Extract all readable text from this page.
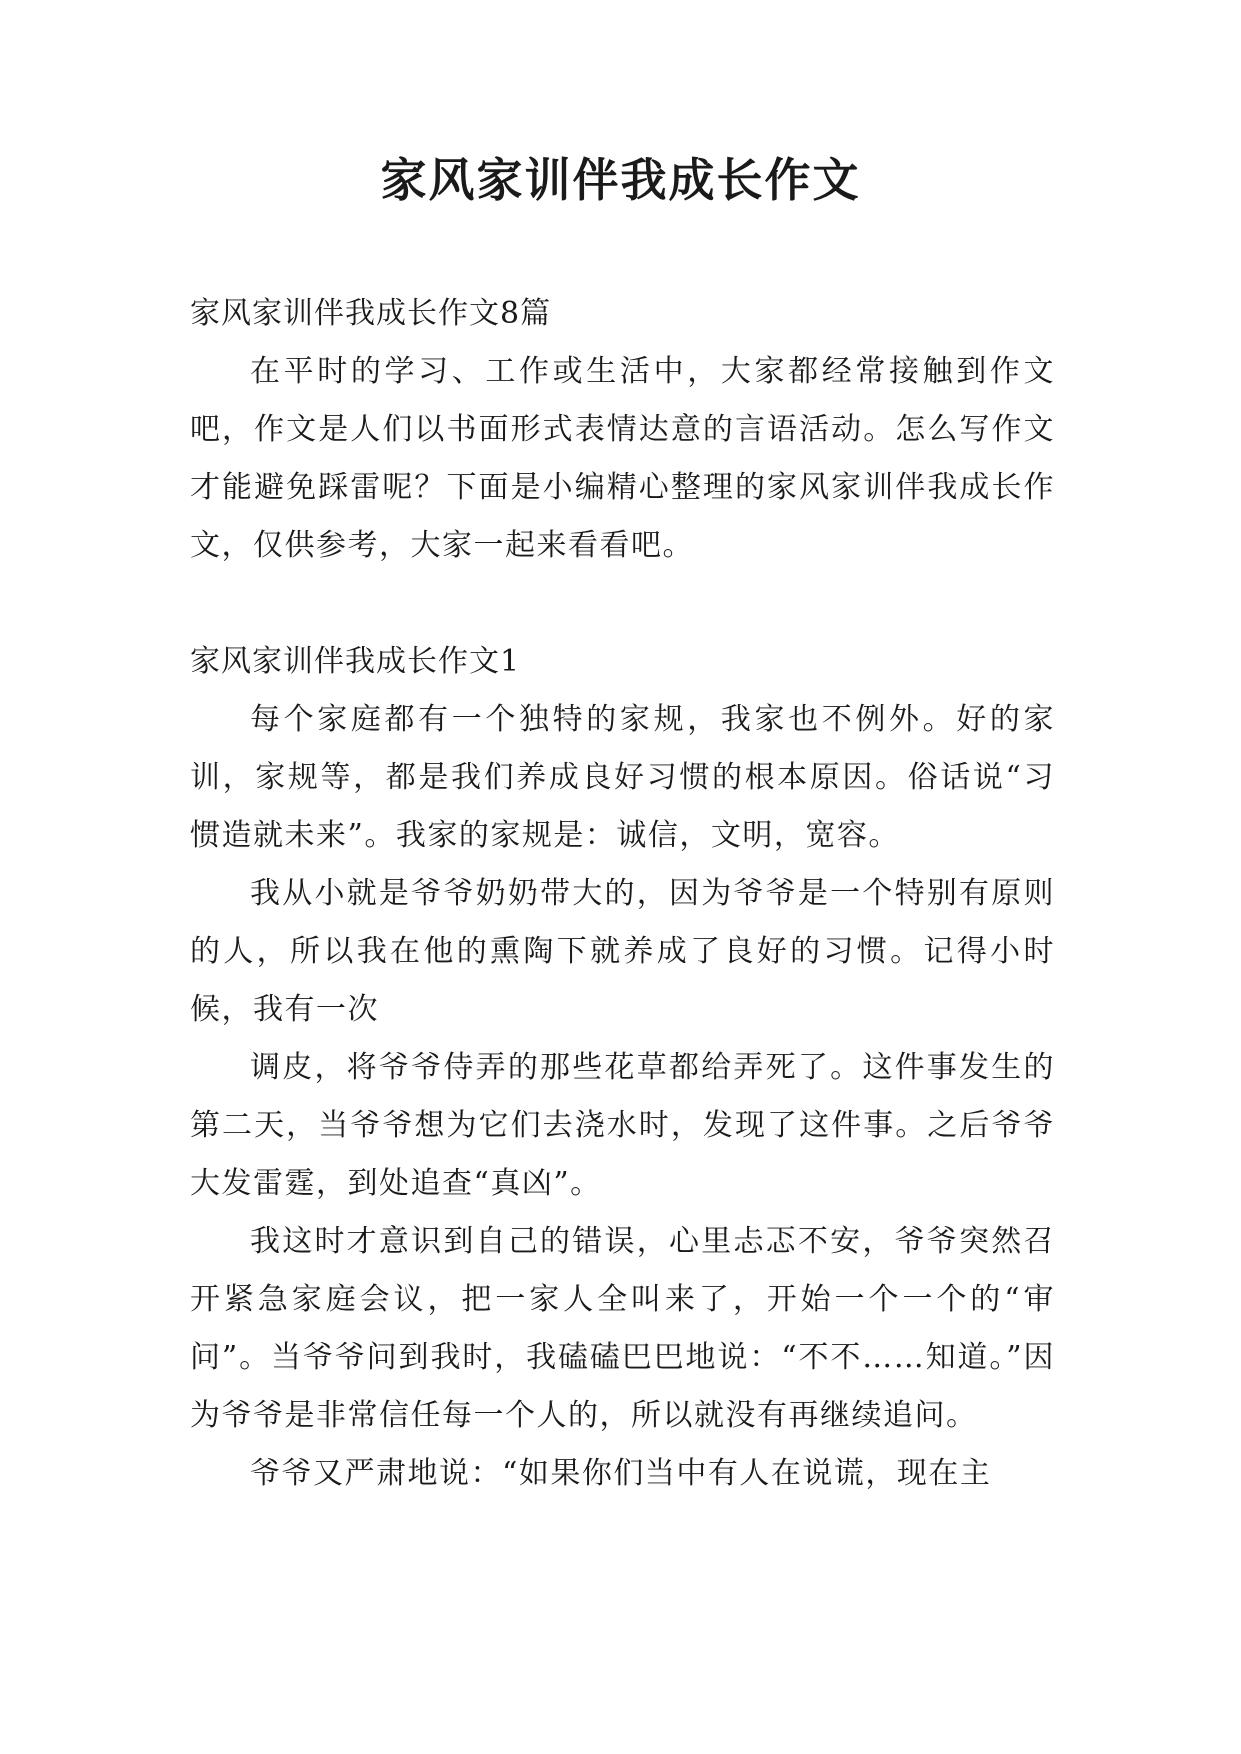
家风家训伴我成长作文

家风家训伴我成长作文8篇

在平时的学习、工作或生活中，大家都经常接触到作文吧，作文是人们以书面形式表情达意的言语活动。怎么写作文才能避免踩雷呢？下面是小编精心整理的家风家训伴我成长作文，仅供参考，大家一起来看看吧。

家风家训伴我成长作文1

每个家庭都有一个独特的家规，我家也不例外。好的家训，家规等，都是我们养成良好习惯的根本原因。俗话说“习惯造就未来”。我家的家规是：诚信，文明，宽容。

我从小就是爷爷奶奶带大的，因为爷爷是一个特别有原则的人，所以我在他的熏陶下就养成了良好的习惯。记得小时候，我有一次

调皮，将爷爷侍弄的那些花草都给弄死了。这件事发生的第二天，当爷爷想为它们去浇水时，发现了这件事。之后爷爷大发雷霆，到处追查“真凶”。

我这时才意识到自己的错误，心里忐忑不安，爷爷突然召开紧急家庭会议，把一家人全叫来了，开始一个一个的“审问”。当爷爷问到我时，我磕磕巴巴地说：“不不……知道。”因为爷爷是非常信任每一个人的，所以就没有再继续追问。

爷爷又严肃地说：“如果你们当中有人在说谎，现在主
